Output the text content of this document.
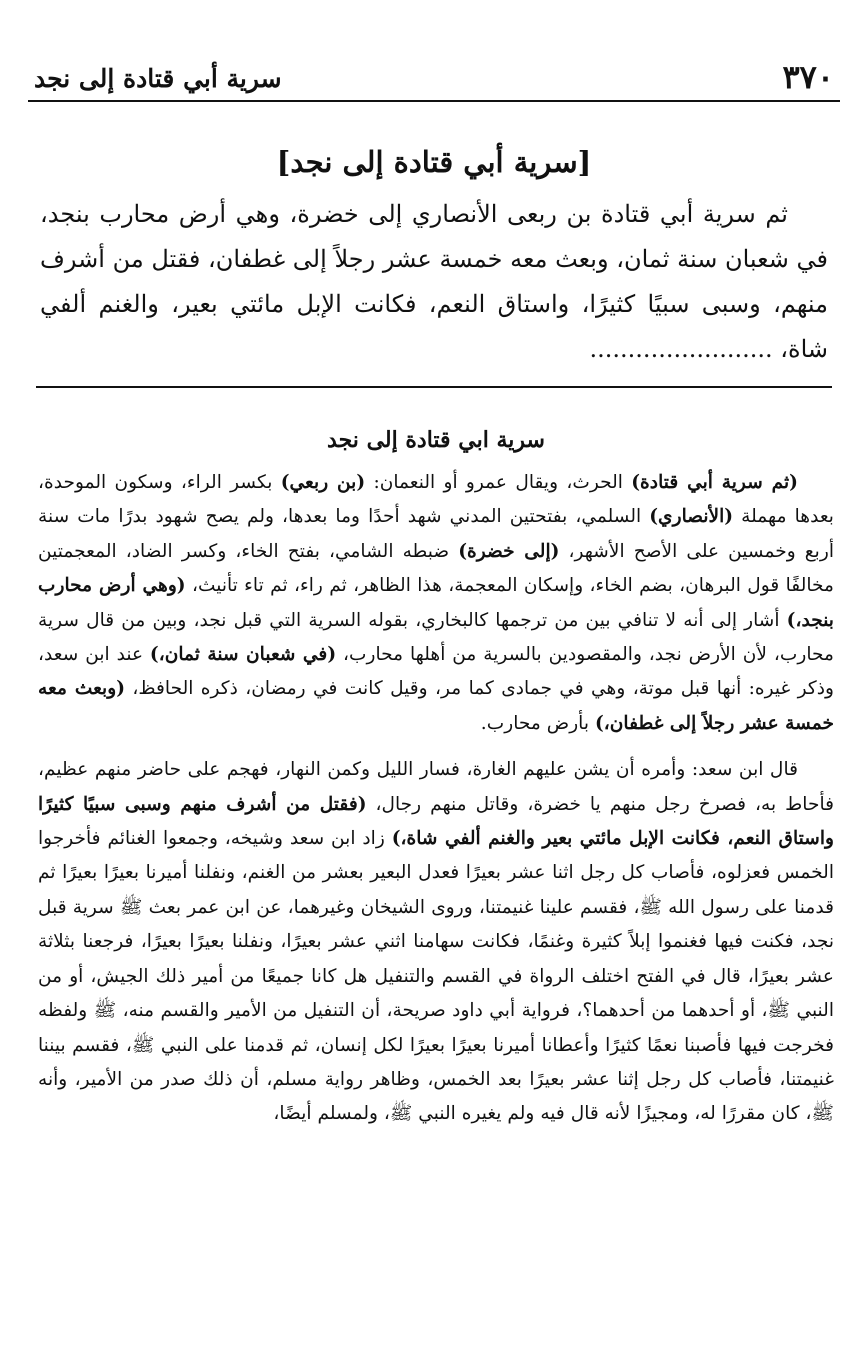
٣٧٠
سرية أبي قتادة إلى نجد
[سرية أبي قتادة إلى نجد]

ثم سرية أبي قتادة بن ربعى الأنصاري إلى خضرة، وهي أرض محارب بنجد، في شعبان سنة ثمان، وبعث معه خمسة عشر رجلاً إلى غطفان، فقتل من أشرف منهم، وسبى سبيًا كثيرًا، واستاق النعم، فكانت الإبل مائتي بعير، والغنم ألفي شاة، ........................

سرية ابي قتادة إلى نجد

(ثم سرية أبي قتادة) الحرث، ويقال عمرو أو النعمان: (بن ربعي) بكسر الراء، وسكون الموحدة، بعدها مهملة (الأنصاري) السلمي، بفتحتين المدني شهد أحدًا وما بعدها، ولم يصح شهود بدرًا مات سنة أربع وخمسين على الأصح الأشهر، (إلى خضرة) ضبطه الشامي، بفتح الخاء، وكسر الضاد، المعجمتين مخالفًا قول البرهان، بضم الخاء، وإسكان المعجمة، هذا الظاهر، ثم راء، ثم تاء تأنيث، (وهي أرض محارب بنجد،) أشار إلى أنه لا تنافي بين من ترجمها كالبخاري، بقوله السرية التي قبل نجد، وبين من قال سرية محارب، لأن الأرض نجد، والمقصودين بالسرية من أهلها محارب، (في شعبان سنة ثمان،) عند ابن سعد، وذكر غيره: أنها قبل موتة، وهي في جمادى كما مر، وقيل كانت في رمضان، ذكره الحافظ، (وبعث معه خمسة عشر رجلاً إلى غطفان،) بأرض محارب.

قال ابن سعد: وأمره أن يشن عليهم الغارة، فسار الليل وكمن النهار، فهجم على حاضر منهم عظيم، فأحاط به، فصرخ رجل منهم يا خضرة، وقاتل منهم رجال، (فقتل من أشرف منهم وسبى سبيًا كثيرًا واستاق النعم، فكانت الإبل مائتي بعير والغنم ألفي شاة،) زاد ابن سعد وشيخه، وجمعوا الغنائم فأخرجوا الخمس فعزلوه، فأصاب كل رجل اثنا عشر بعيرًا فعدل البعير بعشر من الغنم، ونفلنا أميرنا بعيرًا بعيرًا ثم قدمنا على رسول الله ﷺ، فقسم علينا غنيمتنا، وروى الشيخان وغيرهما، عن ابن عمر بعث ﷺ سرية قبل نجد، فكنت فيها فغنموا إبلاً كثيرة وغنمًا، فكانت سهامنا اثني عشر بعيرًا، ونفلنا بعيرًا بعيرًا، فرجعنا بثلاثة عشر بعيرًا، قال في الفتح اختلف الرواة في القسم والتنفيل هل كانا جميعًا من أمير ذلك الجيش، أو من النبي ﷺ، أو أحدهما من أحدهما؟، فرواية أبي داود صريحة، أن التنفيل من الأمير والقسم منه، ﷺ ولفظه فخرجت فيها فأصبنا نعمًا كثيرًا وأعطانا أميرنا بعيرًا بعيرًا لكل إنسان، ثم قدمنا على النبي ﷺ، فقسم بيننا غنيمتنا، فأصاب كل رجل إثنا عشر بعيرًا بعد الخمس، وظاهر رواية مسلم، أن ذلك صدر من الأمير، وأنه ﷺ، كان مقررًا له، ومجيزًا لأنه قال فيه ولم يغيره النبي ﷺ، ولمسلم أيضًا،
